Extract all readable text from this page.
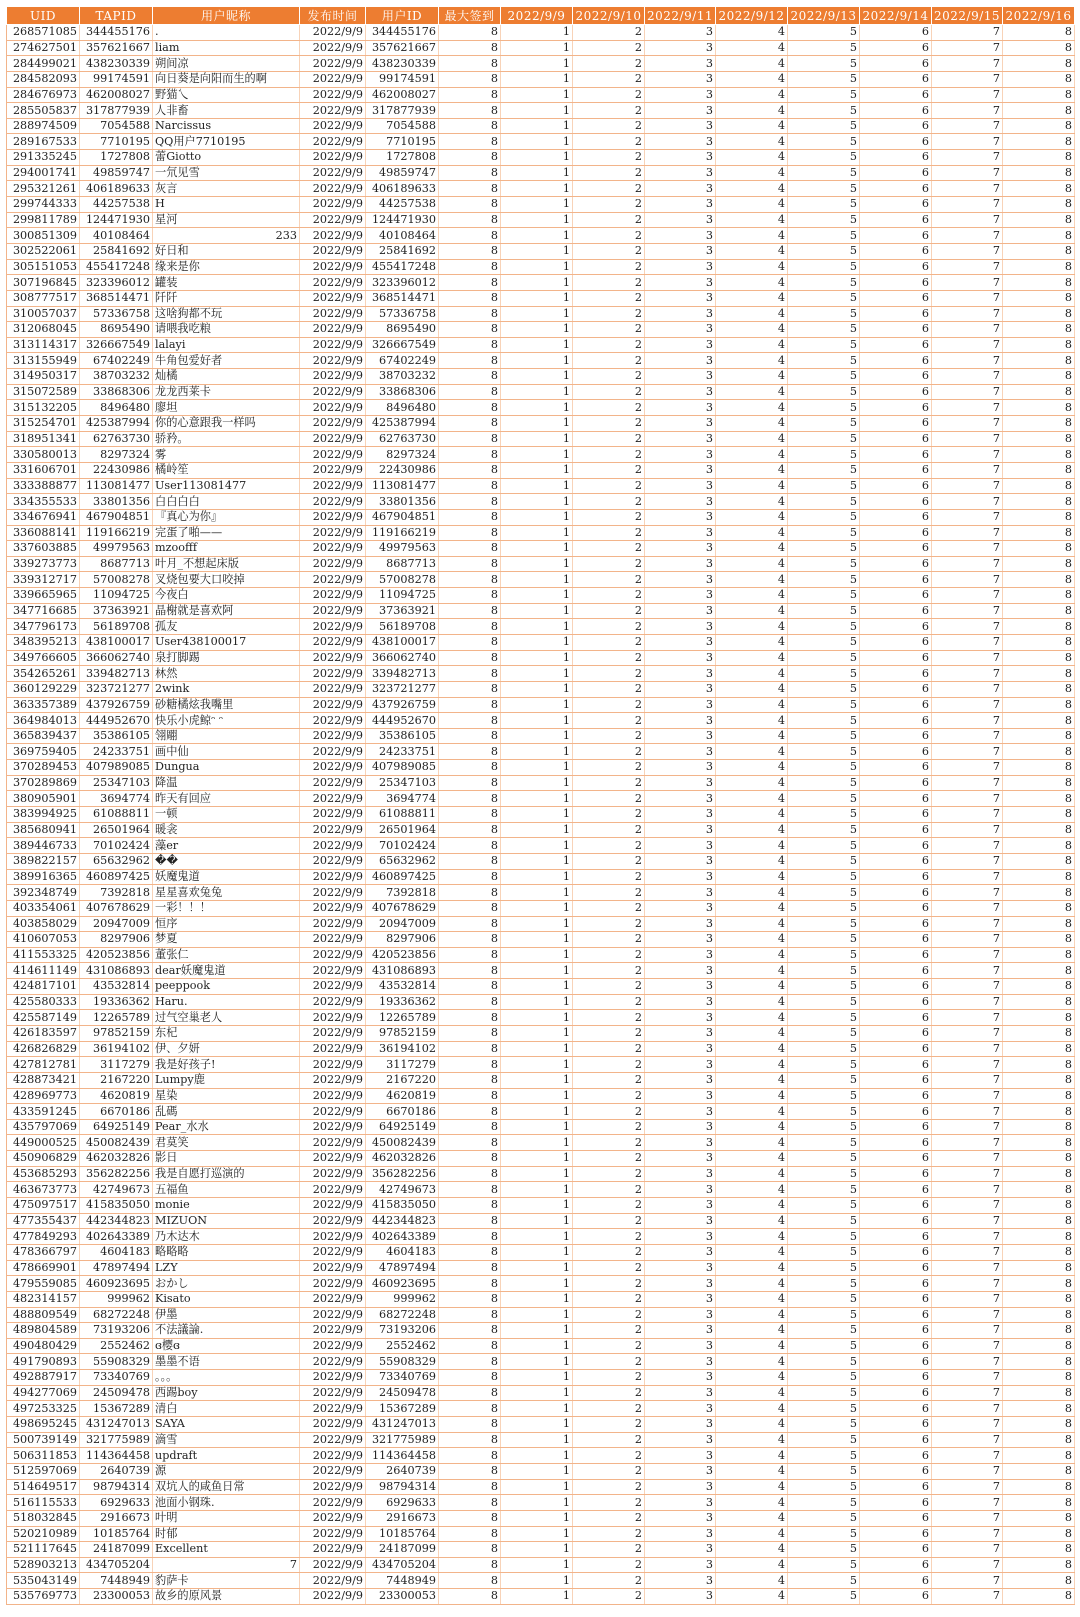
UID	TAPID	用户昵称	发布时间	用户ID	最大签到	2022/9/9	2022/9/10	2022/9/11	2022/9/12	2022/9/13	2022/9/14	2022/9/15	2022/9/16
268571085	344455176	.	2022/9/9	344455176	8	1	2	3	4	5	6	7	8
274627501	357621667	liam	2022/9/9	357621667	8	1	2	3	4	5	6	7	8
284499021	438230339	朔间凉	2022/9/9	438230339	8	1	2	3	4	5	6	7	8
284582093	99174591	向日葵是向阳而生的啊	2022/9/9	99174591	8	1	2	3	4	5	6	7	8
284676973	462008027	野猫乀	2022/9/9	462008027	8	1	2	3	4	5	6	7	8
285505837	317877939	人非畜	2022/9/9	317877939	8	1	2	3	4	5	6	7	8
288974509	7054588	Narcissus	2022/9/9	7054588	8	1	2	3	4	5	6	7	8
289167533	7710195	QQ用户7710195	2022/9/9	7710195	8	1	2	3	4	5	6	7	8
291335245	1727808	蕾Giotto	2022/9/9	1727808	8	1	2	3	4	5	6	7	8
294001741	49859747	一氘见雪	2022/9/9	49859747	8	1	2	3	4	5	6	7	8
295321261	406189633	灰言	2022/9/9	406189633	8	1	2	3	4	5	6	7	8
299744333	44257538	H	2022/9/9	44257538	8	1	2	3	4	5	6	7	8
299811789	124471930	星河	2022/9/9	124471930	8	1	2	3	4	5	6	7	8
300851309	40108464	233	2022/9/9	40108464	8	1	2	3	4	5	6	7	8
302522061	25841692	好日和	2022/9/9	25841692	8	1	2	3	4	5	6	7	8
305151053	455417248	缘来是你	2022/9/9	455417248	8	1	2	3	4	5	6	7	8
307196845	323396012	罐装	2022/9/9	323396012	8	1	2	3	4	5	6	7	8
308777517	368514471	阡阡	2022/9/9	368514471	8	1	2	3	4	5	6	7	8
310057037	57336758	这啥狗都不玩	2022/9/9	57336758	8	1	2	3	4	5	6	7	8
312068045	8695490	请喂我吃粮	2022/9/9	8695490	8	1	2	3	4	5	6	7	8
313114317	326667549	lalayi	2022/9/9	326667549	8	1	2	3	4	5	6	7	8
313155949	67402249	牛角包爱好者	2022/9/9	67402249	8	1	2	3	4	5	6	7	8
314950317	38703232	灿橘	2022/9/9	38703232	8	1	2	3	4	5	6	7	8
315072589	33868306	龙龙西莱卡	2022/9/9	33868306	8	1	2	3	4	5	6	7	8
315132205	8496480	廖坦	2022/9/9	8496480	8	1	2	3	4	5	6	7	8
315254701	425387994	你的心意跟我一样吗	2022/9/9	425387994	8	1	2	3	4	5	6	7	8
318951341	62763730	骄矜。	2022/9/9	62763730	8	1	2	3	4	5	6	7	8
330580013	8297324	雾	2022/9/9	8297324	8	1	2	3	4	5	6	7	8
331606701	22430986	橘岭笙	2022/9/9	22430986	8	1	2	3	4	5	6	7	8
333388877	113081477	User113081477	2022/9/9	113081477	8	1	2	3	4	5	6	7	8
334355533	33801356	白白白白	2022/9/9	33801356	8	1	2	3	4	5	6	7	8
334676941	467904851	『真心为你』	2022/9/9	467904851	8	1	2	3	4	5	6	7	8
336088141	119166219	完蛋了啪——	2022/9/9	119166219	8	1	2	3	4	5	6	7	8
337603885	49979563	mzoofff	2022/9/9	49979563	8	1	2	3	4	5	6	7	8
339273773	8687713	叶月_不想起床版	2022/9/9	8687713	8	1	2	3	4	5	6	7	8
339312717	57008278	叉烧包要大口咬掉	2022/9/9	57008278	8	1	2	3	4	5	6	7	8
339665965	11094725	今夜白	2022/9/9	11094725	8	1	2	3	4	5	6	7	8
347716685	37363921	晶榭就是喜欢阿	2022/9/9	37363921	8	1	2	3	4	5	6	7	8
347796173	56189708	孤友	2022/9/9	56189708	8	1	2	3	4	5	6	7	8
348395213	438100017	User438100017	2022/9/9	438100017	8	1	2	3	4	5	6	7	8
349766605	366062740	泉打脚踢	2022/9/9	366062740	8	1	2	3	4	5	6	7	8
354265261	339482713	林然	2022/9/9	339482713	8	1	2	3	4	5	6	7	8
360129229	323721277	2wink	2022/9/9	323721277	8	1	2	3	4	5	6	7	8
363357389	437926759	砂糖橘炫我嘴里	2022/9/9	437926759	8	1	2	3	4	5	6	7	8
364984013	444952670	快乐小虎鲸ᵔ ᵔ	2022/9/9	444952670	8	1	2	3	4	5	6	7	8
365839437	35386105	翎翢	2022/9/9	35386105	8	1	2	3	4	5	6	7	8
369759405	24233751	画中仙	2022/9/9	24233751	8	1	2	3	4	5	6	7	8
370289453	407989085	Dungua	2022/9/9	407989085	8	1	2	3	4	5	6	7	8
370289869	25347103	降温	2022/9/9	25347103	8	1	2	3	4	5	6	7	8
380905901	3694774	昨天有回应	2022/9/9	3694774	8	1	2	3	4	5	6	7	8
383994925	61088811	一顿	2022/9/9	61088811	8	1	2	3	4	5	6	7	8
385680941	26501964	暖衾	2022/9/9	26501964	8	1	2	3	4	5	6	7	8
389446733	70102424	藻er	2022/9/9	70102424	8	1	2	3	4	5	6	7	8
389822157	65632962	��	2022/9/9	65632962	8	1	2	3	4	5	6	7	8
389916365	460897425	妖魔鬼道	2022/9/9	460897425	8	1	2	3	4	5	6	7	8
392348749	7392818	星星喜欢兔兔	2022/9/9	7392818	8	1	2	3	4	5	6	7	8
403354061	407678629	一彩！！！	2022/9/9	407678629	8	1	2	3	4	5	6	7	8
403858029	20947009	恒序	2022/9/9	20947009	8	1	2	3	4	5	6	7	8
410607053	8297906	梦夏	2022/9/9	8297906	8	1	2	3	4	5	6	7	8
411553325	420523856	董张仁	2022/9/9	420523856	8	1	2	3	4	5	6	7	8
414611149	431086893	dear妖魔鬼道	2022/9/9	431086893	8	1	2	3	4	5	6	7	8
424817101	43532814	peeppook	2022/9/9	43532814	8	1	2	3	4	5	6	7	8
425580333	19336362	Haru.	2022/9/9	19336362	8	1	2	3	4	5	6	7	8
425587149	12265789	过气空巢老人	2022/9/9	12265789	8	1	2	3	4	5	6	7	8
426183597	97852159	东杞	2022/9/9	97852159	8	1	2	3	4	5	6	7	8
426826829	36194102	伊、夕妍	2022/9/9	36194102	8	1	2	3	4	5	6	7	8
427812781	3117279	我是好孩子!	2022/9/9	3117279	8	1	2	3	4	5	6	7	8
428873421	2167220	Lumpy鹿	2022/9/9	2167220	8	1	2	3	4	5	6	7	8
428969773	4620819	星染	2022/9/9	4620819	8	1	2	3	4	5	6	7	8
433591245	6670186	乱碼	2022/9/9	6670186	8	1	2	3	4	5	6	7	8
435797069	64925149	Pear_水水	2022/9/9	64925149	8	1	2	3	4	5	6	7	8
449000525	450082439	君莫笑	2022/9/9	450082439	8	1	2	3	4	5	6	7	8
450906829	462032826	影日	2022/9/9	462032826	8	1	2	3	4	5	6	7	8
453685293	356282256	我是自愿打巡演的	2022/9/9	356282256	8	1	2	3	4	5	6	7	8
463673773	42749673	五福鱼	2022/9/9	42749673	8	1	2	3	4	5	6	7	8
475097517	415835050	monie	2022/9/9	415835050	8	1	2	3	4	5	6	7	8
477355437	442344823	MIZUON	2022/9/9	442344823	8	1	2	3	4	5	6	7	8
477849293	402643389	乃木达木	2022/9/9	402643389	8	1	2	3	4	5	6	7	8
478366797	4604183	略略略	2022/9/9	4604183	8	1	2	3	4	5	6	7	8
478669901	47897494	LZY	2022/9/9	47897494	8	1	2	3	4	5	6	7	8
479559085	460923695	おかし	2022/9/9	460923695	8	1	2	3	4	5	6	7	8
482314157	999962	Kisato	2022/9/9	999962	8	1	2	3	4	5	6	7	8
488809549	68272248	伊墨	2022/9/9	68272248	8	1	2	3	4	5	6	7	8
489804589	73193206	不法議論.	2022/9/9	73193206	8	1	2	3	4	5	6	7	8
490480429	2552462	ɞ樱ɞ	2022/9/9	2552462	8	1	2	3	4	5	6	7	8
491790893	55908329	墨墨不语	2022/9/9	55908329	8	1	2	3	4	5	6	7	8
492887917	73340769	。。。	2022/9/9	73340769	8	1	2	3	4	5	6	7	8
494277069	24509478	西踢boy	2022/9/9	24509478	8	1	2	3	4	5	6	7	8
497253325	15367289	清白	2022/9/9	15367289	8	1	2	3	4	5	6	7	8
498695245	431247013	SAYA	2022/9/9	431247013	8	1	2	3	4	5	6	7	8
500739149	321775989	滴雪	2022/9/9	321775989	8	1	2	3	4	5	6	7	8
506311853	114364458	updraft	2022/9/9	114364458	8	1	2	3	4	5	6	7	8
512597069	2640739	源	2022/9/9	2640739	8	1	2	3	4	5	6	7	8
514649517	98794314	双坑人的咸鱼日常	2022/9/9	98794314	8	1	2	3	4	5	6	7	8
516115533	6929633	池面小钢珠.	2022/9/9	6929633	8	1	2	3	4	5	6	7	8
518032845	2916673	叶明	2022/9/9	2916673	8	1	2	3	4	5	6	7	8
520210989	10185764	时郁	2022/9/9	10185764	8	1	2	3	4	5	6	7	8
521117645	24187099	Excellent	2022/9/9	24187099	8	1	2	3	4	5	6	7	8
528903213	434705204	7	2022/9/9	434705204	8	1	2	3	4	5	6	7	8
535043149	7448949	豹萨卡	2022/9/9	7448949	8	1	2	3	4	5	6	7	8
535769773	23300053	故乡的原风景	2022/9/9	23300053	8	1	2	3	4	5	6	7	8
